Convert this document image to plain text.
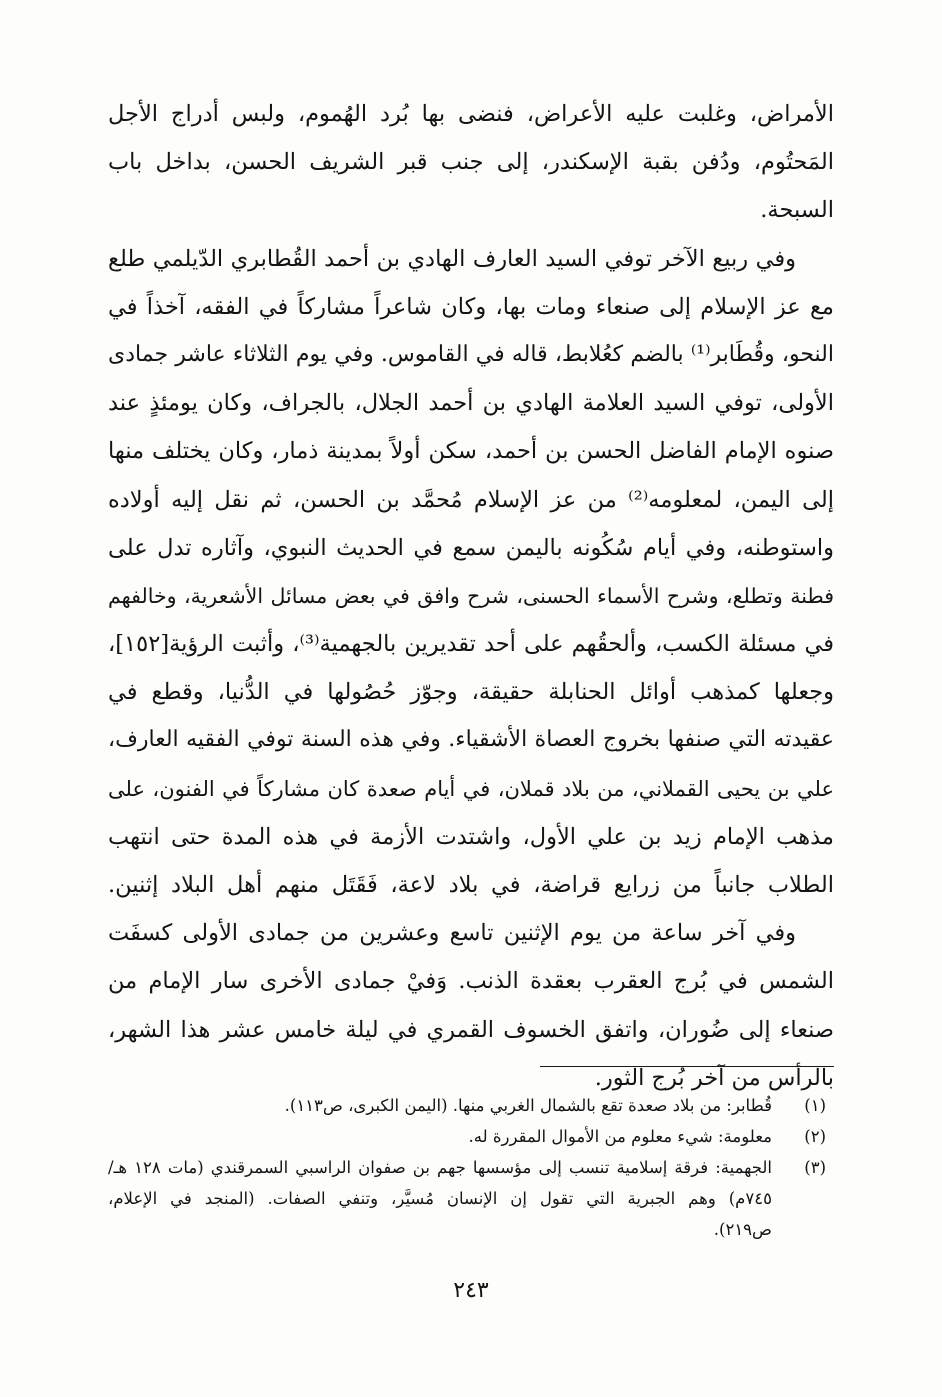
الأمراض، وغلبت عليه الأعراض، فنضى بها بُرد الهُموم، ولبس أدراج الأجل
المَحتُوم، ودُفن بقبة الإسكندر، إلى جنب قبر الشريف الحسن، بداخل باب
السبحة.
وفي ربيع الآخر توفي السيد العارف الهادي بن أحمد القُطابري الدّيلمي طلع
مع عز الإسلام إلى صنعاء ومات بها، وكان شاعراً مشاركاً في الفقه، آخذاً في
النحو، وقُطَابر⁽¹⁾ بالضم كعُلابط، قاله في القاموس. وفي يوم الثلاثاء عاشر جمادى
الأولى، توفي السيد العلامة الهادي بن أحمد الجلال، بالجراف، وكان يومئذٍ عند
صنوه الإمام الفاضل الحسن بن أحمد، سكن أولاً بمدينة ذمار، وكان يختلف منها
إلى اليمن، لمعلومه⁽²⁾ من عز الإسلام مُحمَّد بن الحسن، ثم نقل إليه أولاده
واستوطنه، وفي أيام سُكُونه باليمن سمع في الحديث النبوي، وآثاره تدل على
فطنة وتطلع، وشرح الأسماء الحسنى، شرح وافق في بعض مسائل الأشعرية، وخالفهم
في مسئلة الكسب، وألحقُهم على أحد تقديرين بالجهمية⁽³⁾، وأثبت الرؤية[١٥٢]،
وجعلها كمذهب أوائل الحنابلة حقيقة، وجوّز حُصُولها في الدُّنيا، وقطع في
عقيدته التي صنفها بخروج العصاة الأشقياء. وفي هذه السنة توفي الفقيه العارف،
علي بن يحيى القملاني، من بلاد قملان، في أيام صعدة كان مشاركاً في الفنون، على
مذهب الإمام زيد بن علي الأول، واشتدت الأزمة في هذه المدة حتى انتهب
الطلاب جانباً من زرايع قراضة، في بلاد لاعة، فَقَتَل منهم أهل البلاد إثنين.
وفي آخر ساعة من يوم الإثنين تاسع وعشرين من جمادى الأولى كسفَت
الشمس في بُرج العقرب بعقدة الذنب. وَفيْ جمادى الأخرى سار الإمام من
صنعاء إلى ضُوران، واتفق الخسوف القمري في ليلة خامس عشر هذا الشهر،
بالرأس من آخر بُرج الثور.
(١)
قُطابر: من بلاد صعدة تقع بالشمال الغربي منها. (اليمن الكبرى، ص١١٣).
(٢)
معلومة: شيء معلوم من الأموال المقررة له.
(٣)
الجهمية: فرقة إسلامية تنسب إلى مؤسسها جهم بن صفوان الراسبي السمرقندي (مات ١٢٨ هـ/
٧٤٥م) وهم الجبرية التي تقول إن الإنسان مُسيَّر، وتنفي الصفات. (المنجد في الإعلام،
ص٢١٩).
٢٤٣
